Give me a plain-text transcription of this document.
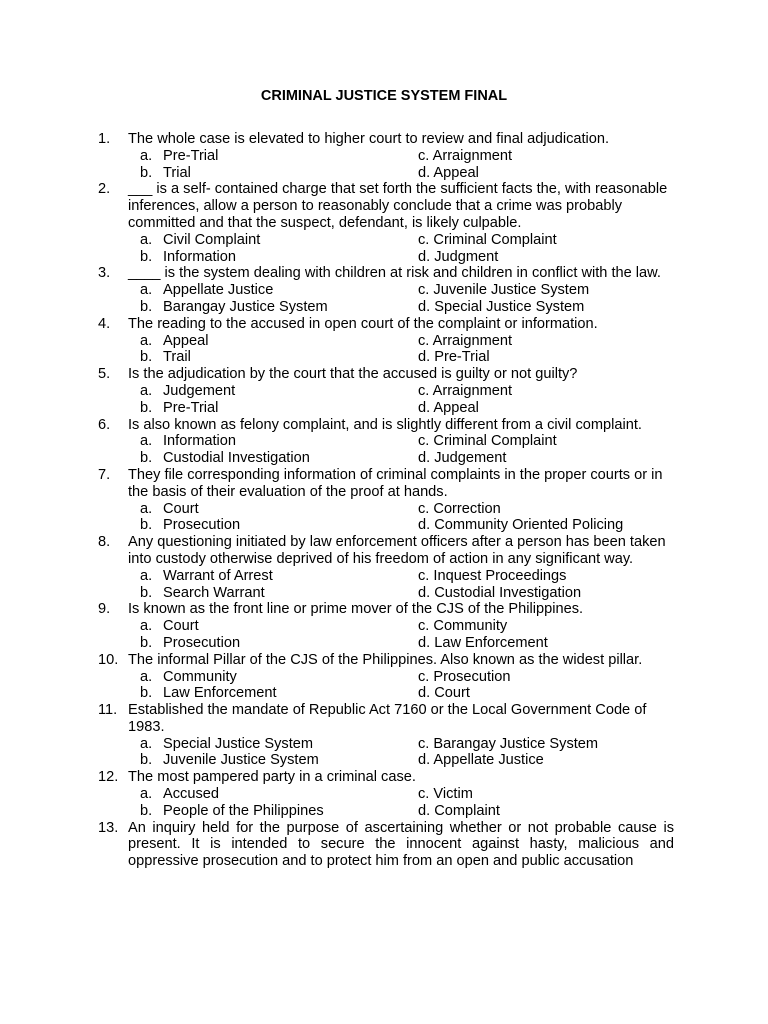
CRIMINAL JUSTICE SYSTEM FINAL
1.	The whole case is elevated to higher court to review and final adjudication.
a. Pre-Trial	c. Arraignment
b. Trial	d. Appeal
2.	___ is a self- contained charge that set forth the sufficient facts the, with reasonable inferences, allow a person to reasonably conclude that a crime was probably committed and that the suspect, defendant, is likely culpable.
a. Civil Complaint	c. Criminal Complaint
b. Information	d. Judgment
3.	____ is the system dealing with children at risk and children in conflict with the law.
a. Appellate Justice	c. Juvenile Justice System
b. Barangay Justice System	d. Special Justice System
4.	The reading to the accused in open court of the complaint or information.
a. Appeal	c. Arraignment
b. Trail	d. Pre-Trial
5.	Is the adjudication by the court that the accused is guilty or not guilty?
a. Judgement	c. Arraignment
b. Pre-Trial	d. Appeal
6.	Is also known as felony complaint, and is slightly different from a civil complaint.
a. Information	c. Criminal Complaint
b. Custodial Investigation	d. Judgement
7.	They file corresponding information of criminal complaints in the proper courts or in the basis of their evaluation of the proof at hands.
a. Court	c. Correction
b. Prosecution	d. Community Oriented Policing
8.	Any questioning initiated by law enforcement officers after a person has been taken into custody otherwise deprived of his freedom of action in any significant way.
a. Warrant of Arrest	c. Inquest Proceedings
b. Search Warrant	d. Custodial Investigation
9.	Is known as the front line or prime mover of the CJS of the Philippines.
a. Court	c. Community
b. Prosecution	d. Law Enforcement
10. The informal Pillar of the CJS of the Philippines. Also known as the widest pillar.
a. Community	c. Prosecution
b. Law Enforcement	d. Court
11. Established the mandate of Republic Act 7160 or the Local Government Code of 1983.
a. Special Justice System	c. Barangay Justice System
b. Juvenile Justice System	d. Appellate Justice
12. The most pampered party in a criminal case.
a. Accused	c. Victim
b. People of the Philippines	d. Complaint
13. An inquiry held for the purpose of ascertaining whether or not probable cause is present. It is intended to secure the innocent against hasty, malicious and oppressive prosecution and to protect him from an open and public accusation
